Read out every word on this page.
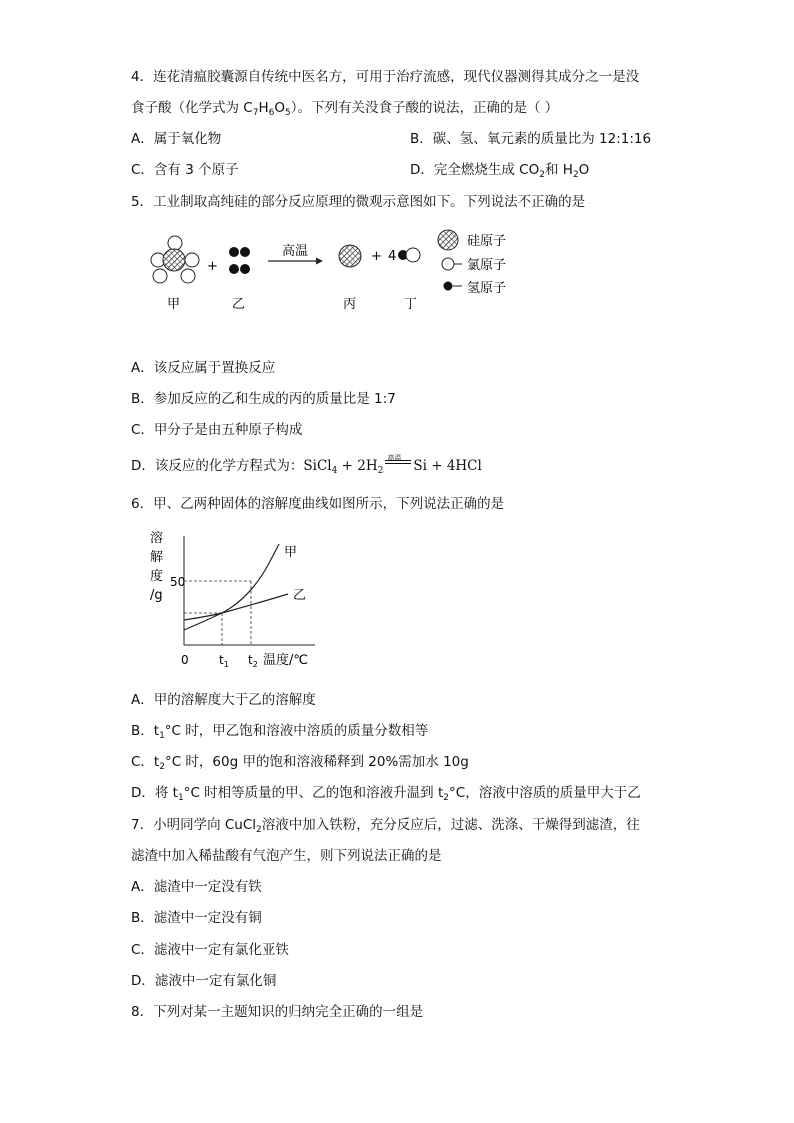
4．连花清瘟胶囊源自传统中医名方，可用于治疗流感，现代仪器测得其成分之一是没
食子酸（化学式为 $C_7H_6O_5$）。下列有关没食子酸的说法，正确的是（ ）
A．属于氧化物	B．碳、氢、氧元素的质量比为 12:1:16
C．含有 3 个原子	D．完全燃烧生成 $CO_2$和 $H_2O$
5．工业制取高纯硅的部分反应原理的微观示意图如下。下列说法不正确的是
+
高温	+ 4
甲	乙	丙	丁
硅原子
氯原子
氢原子
A．该反应属于置换反应
B．参加反应的乙和生成的丙的质量比是 1:7
C．甲分子是由五种原子构成
D．该反应的化学方程式为：SiCl$_4$ + $2H_2$
高温 Si + 4HCl
6．甲、乙两种固体的溶解度曲线如图所示，下列说法正确的是
溶
解
度
/g
50
甲
乙
0	$t_1$ $t_2$ 温度/℃
A．甲的溶解度大于乙的溶解度
B．$t_1^\circ C$ 时，甲乙饱和溶液中溶质的质量分数相等
C．$t_2^\circ C$ 时，60g 甲的饱和溶液稀释到 20%需加水 10g
D．将 $t_1^\circ C$ 时相等质量的甲、乙的饱和溶液升温到 $t_2^\circ C$，溶液中溶质的质量甲大于乙
7．小明同学向 CuCl$_2$溶液中加入铁粉，充分反应后，过滤、洗涤、干燥得到滤渣，往
滤渣中加入稀盐酸有气泡产生，则下列说法正确的是
A．滤渣中一定没有铁
B．滤渣中一定没有铜
C．滤液中一定有氯化亚铁
D．滤液中一定有氯化铜
8．下列对某一主题知识的归纳完全正确的一组是
